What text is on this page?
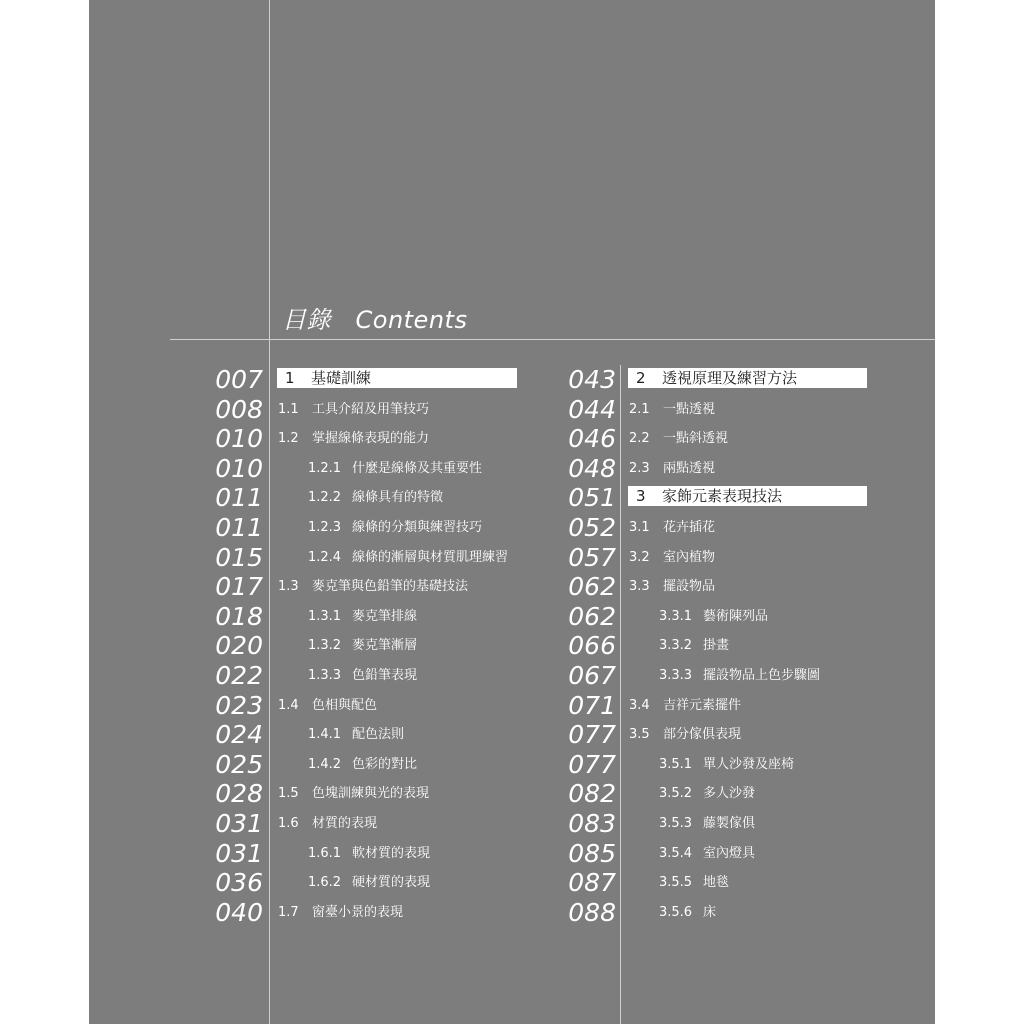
目錄　Contents
007	1 基礎訓練
008 1.1 工具介紹及用筆技巧
010 1.2 掌握線條表現的能力
010	1.2.1 什麼是線條及其重要性
011	1.2.2 線條具有的特徵
011	1.2.3 線條的分類與練習技巧
015	1.2.4 線條的漸層與材質肌理練習
017 1.3 麥克筆與色鉛筆的基礎技法
018	1.3.1 麥克筆排線
020	1.3.2 麥克筆漸層
022	1.3.3 色鉛筆表現
023 1.4 色相與配色
024	1.4.1 配色法則
025	1.4.2 色彩的對比
028 1.5 色塊訓練與光的表現
031 1.6 材質的表現
031	1.6.1 軟材質的表現
036	1.6.2 硬材質的表現
040 1.7 窗臺小景的表現
043	2 透視原理及練習方法
044 2.1 一點透視
046 2.2 一點斜透視
048 2.3 兩點透視
051	3 家飾元素表現技法
052 3.1 花卉插花
057 3.2 室內植物
062 3.3 擺設物品
062	3.3.1 藝術陳列品
066	3.3.2 掛畫
067	3.3.3 擺設物品上色步驟圖
071 3.4 吉祥元素擺件
077 3.5 部分傢俱表現
077	3.5.1 單人沙發及座椅
082	3.5.2 多人沙發
083	3.5.3 藤製傢俱
085	3.5.4 室內燈具
087	3.5.5 地毯
088	3.5.6 床
